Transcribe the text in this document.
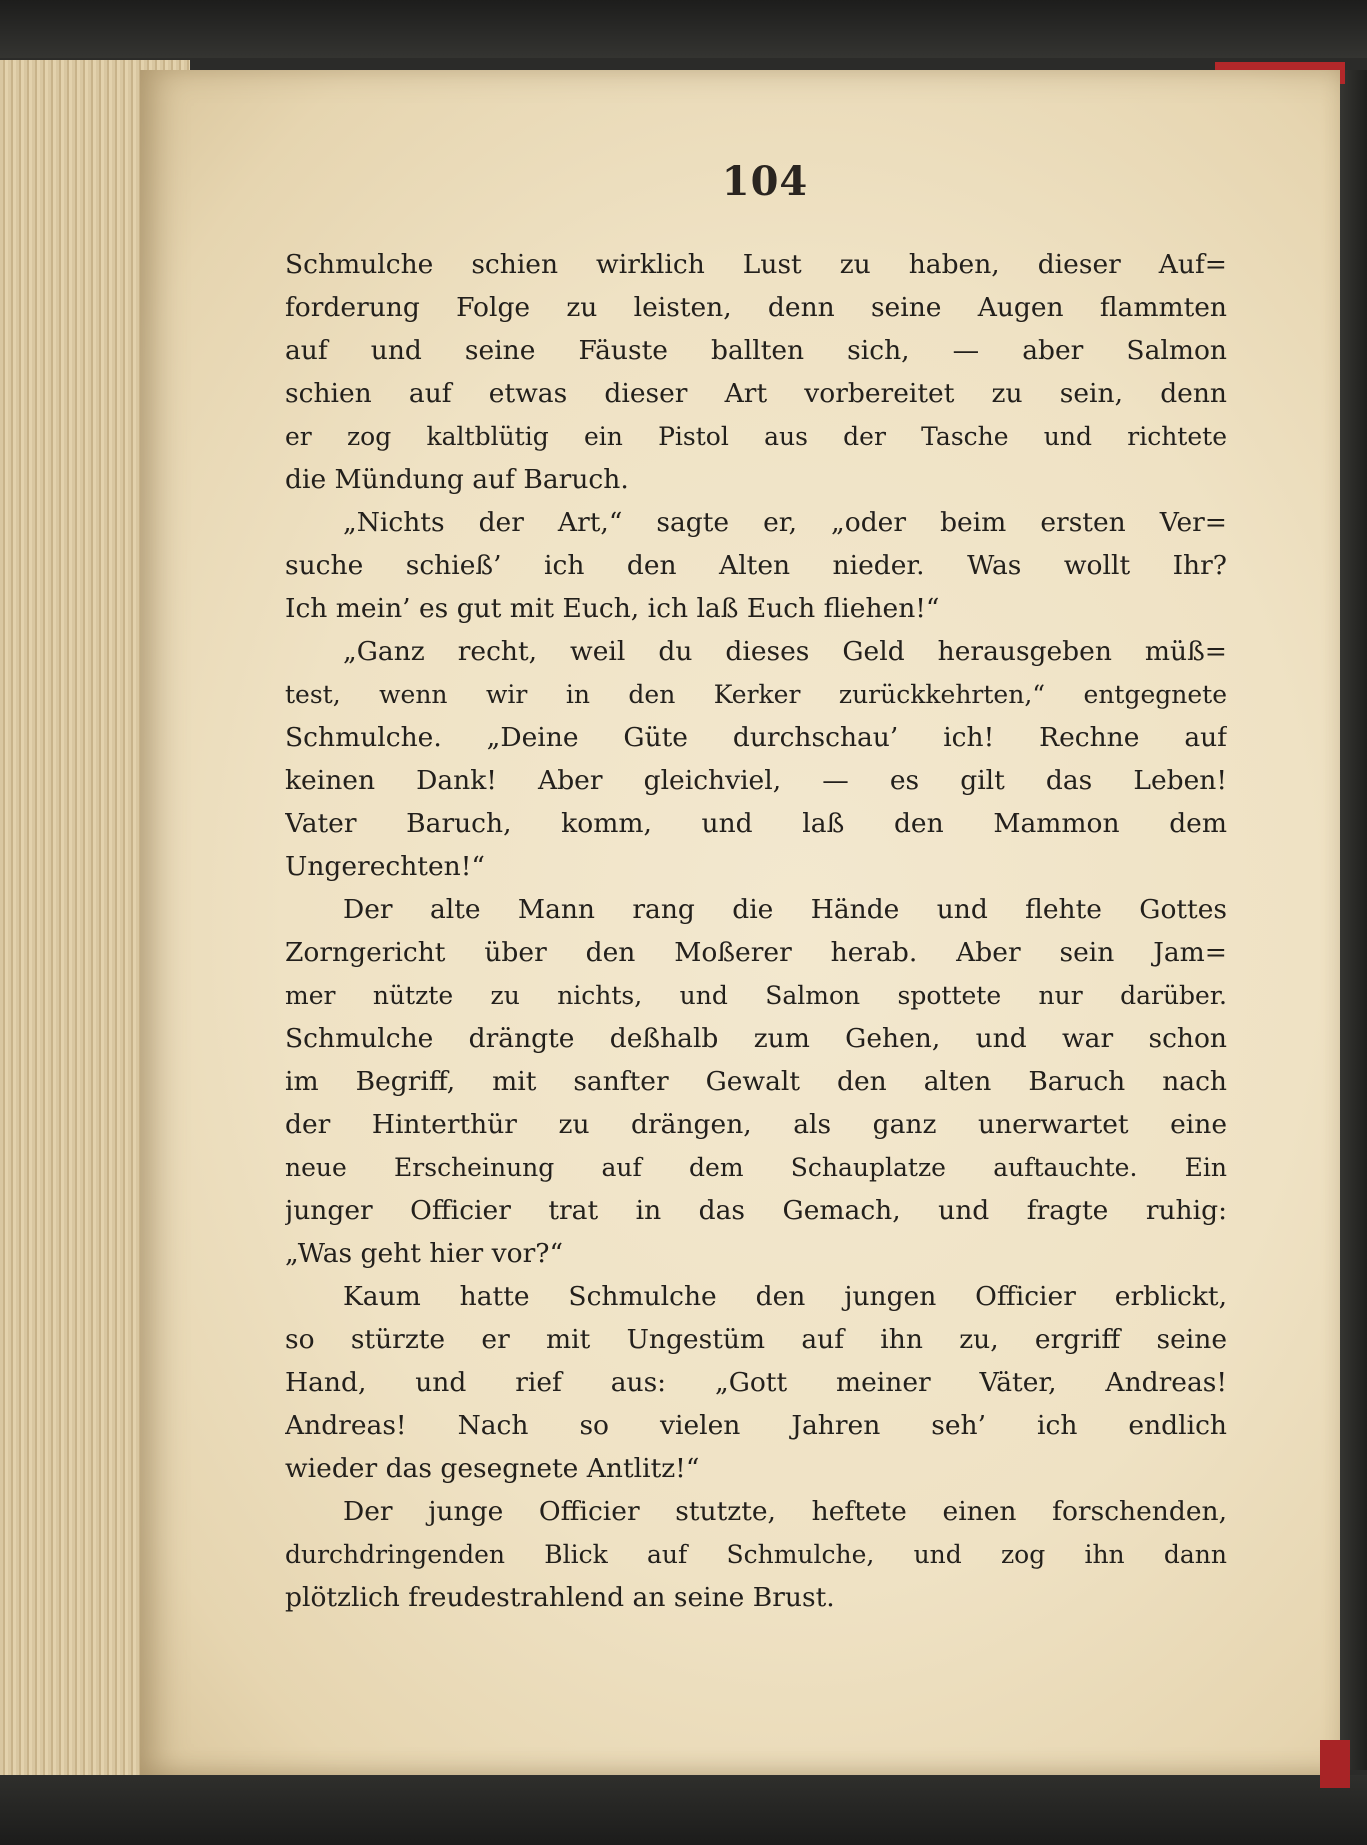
104
Schmulche schien wirklich Lust zu haben, dieser Auf=
forderung Folge zu leisten, denn seine Augen flammten
auf und seine Fäuste ballten sich, — aber Salmon
schien auf etwas dieser Art vorbereitet zu sein, denn
er zog kaltblütig ein Pistol aus der Tasche und richtete
die Mündung auf Baruch.
„Nichts der Art,“ sagte er, „oder beim ersten Ver=
suche schieß’ ich den Alten nieder. Was wollt Ihr?
Ich mein’ es gut mit Euch, ich laß Euch fliehen!“
„Ganz recht, weil du dieses Geld herausgeben müß=
test, wenn wir in den Kerker zurückkehrten,“ entgegnete
Schmulche. „Deine Güte durchschau’ ich! Rechne auf
keinen Dank! Aber gleichviel, — es gilt das Leben!
Vater Baruch, komm, und laß den Mammon dem
Ungerechten!“
Der alte Mann rang die Hände und flehte Gottes
Zorngericht über den Moßerer herab. Aber sein Jam=
mer nützte zu nichts, und Salmon spottete nur darüber.
Schmulche drängte deßhalb zum Gehen, und war schon
im Begriff, mit sanfter Gewalt den alten Baruch nach
der Hinterthür zu drängen, als ganz unerwartet eine
neue Erscheinung auf dem Schauplatze auftauchte. Ein
junger Officier trat in das Gemach, und fragte ruhig:
„Was geht hier vor?“
Kaum hatte Schmulche den jungen Officier erblickt,
so stürzte er mit Ungestüm auf ihn zu, ergriff seine
Hand, und rief aus: „Gott meiner Väter, Andreas!
Andreas! Nach so vielen Jahren seh’ ich endlich
wieder das gesegnete Antlitz!“
Der junge Officier stutzte, heftete einen forschenden,
durchdringenden Blick auf Schmulche, und zog ihn dann
plötzlich freudestrahlend an seine Brust.
